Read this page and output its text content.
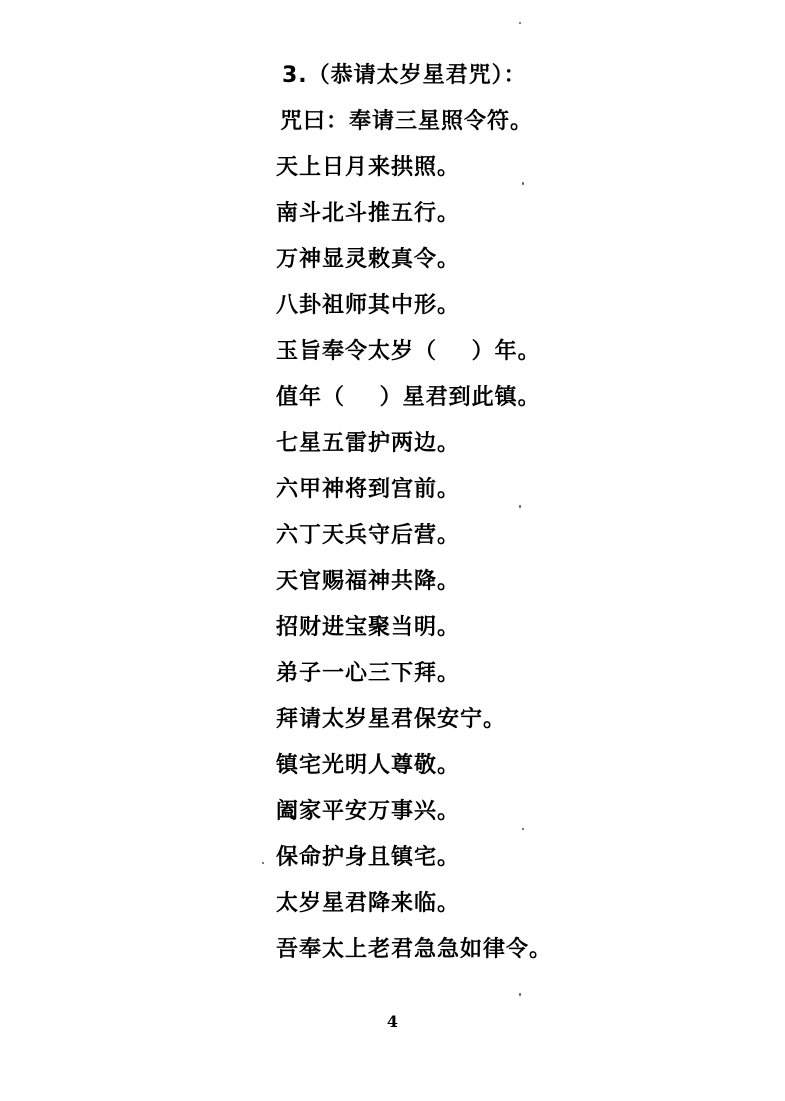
3.（恭请太岁星君咒）：
咒曰：奉请三星照令符。
天上日月来拱照。
南斗北斗推五行。
万神显灵敕真令。
八卦祖师其中形。
玉旨奉令太岁（    ）年。
值年（    ）星君到此镇。
七星五雷护两边。
六甲神将到宫前。
六丁天兵守后营。
天官赐福神共降。
招财进宝聚当明。
弟子一心三下拜。
拜请太岁星君保安宁。
镇宅光明人尊敬。
阖家平安万事兴。
保命护身且镇宅。
太岁星君降来临。
吾奉太上老君急急如律令。
4
